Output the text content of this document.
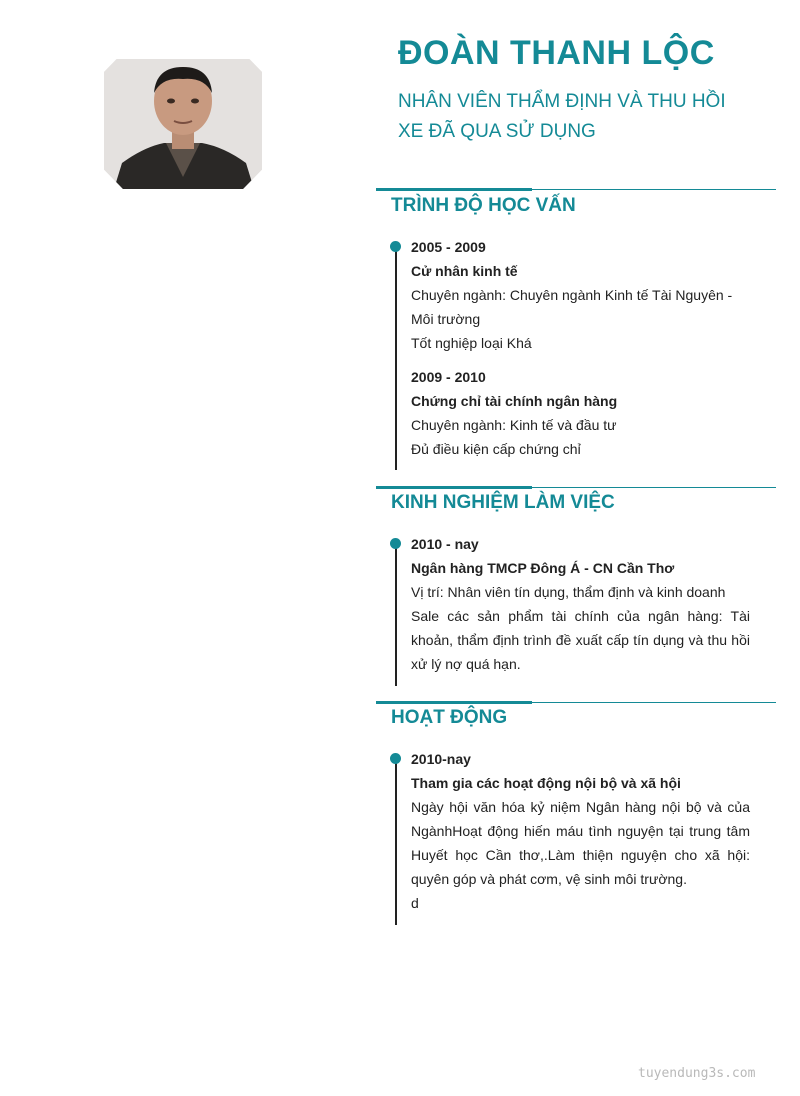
ĐOÀN THANH LỘC
NHÂN VIÊN THẨM ĐỊNH VÀ THU HỒI XE ĐÃ QUA SỬ DỤNG
TRÌNH ĐỘ HỌC VẤN
2005 - 2009
Cử nhân kinh tế
Chuyên ngành: Chuyên ngành Kinh tế Tài Nguyên -Môi trường
Tốt nghiệp loại Khá
2009 - 2010
Chứng chỉ tài chính ngân hàng
Chuyên ngành: Kinh tế và đầu tư
Đủ điều kiện cấp chứng chỉ
KINH NGHIỆM LÀM VIỆC
2010 - nay
Ngân hàng TMCP Đông Á - CN Cần Thơ
Vị trí: Nhân viên tín dụng, thẩm định và kinh doanh
Sale các sản phẩm tài chính của ngân hàng: Tài khoản, thẩm định trình đề xuất cấp tín dụng và thu hồi xử lý nợ quá hạn.
HOẠT ĐỘNG
2010-nay
Tham gia các hoạt động nội bộ và xã hội
Ngày hội văn hóa kỷ niệm Ngân hàng nội bộ và của NgànhHoạt động hiến máu tình nguyện tại trung tâm Huyết học Cần thơ,.Làm thiện nguyện cho xã hội: quyên góp và phát cơm, vệ sinh môi trường.
d
tuyendung3s.com
